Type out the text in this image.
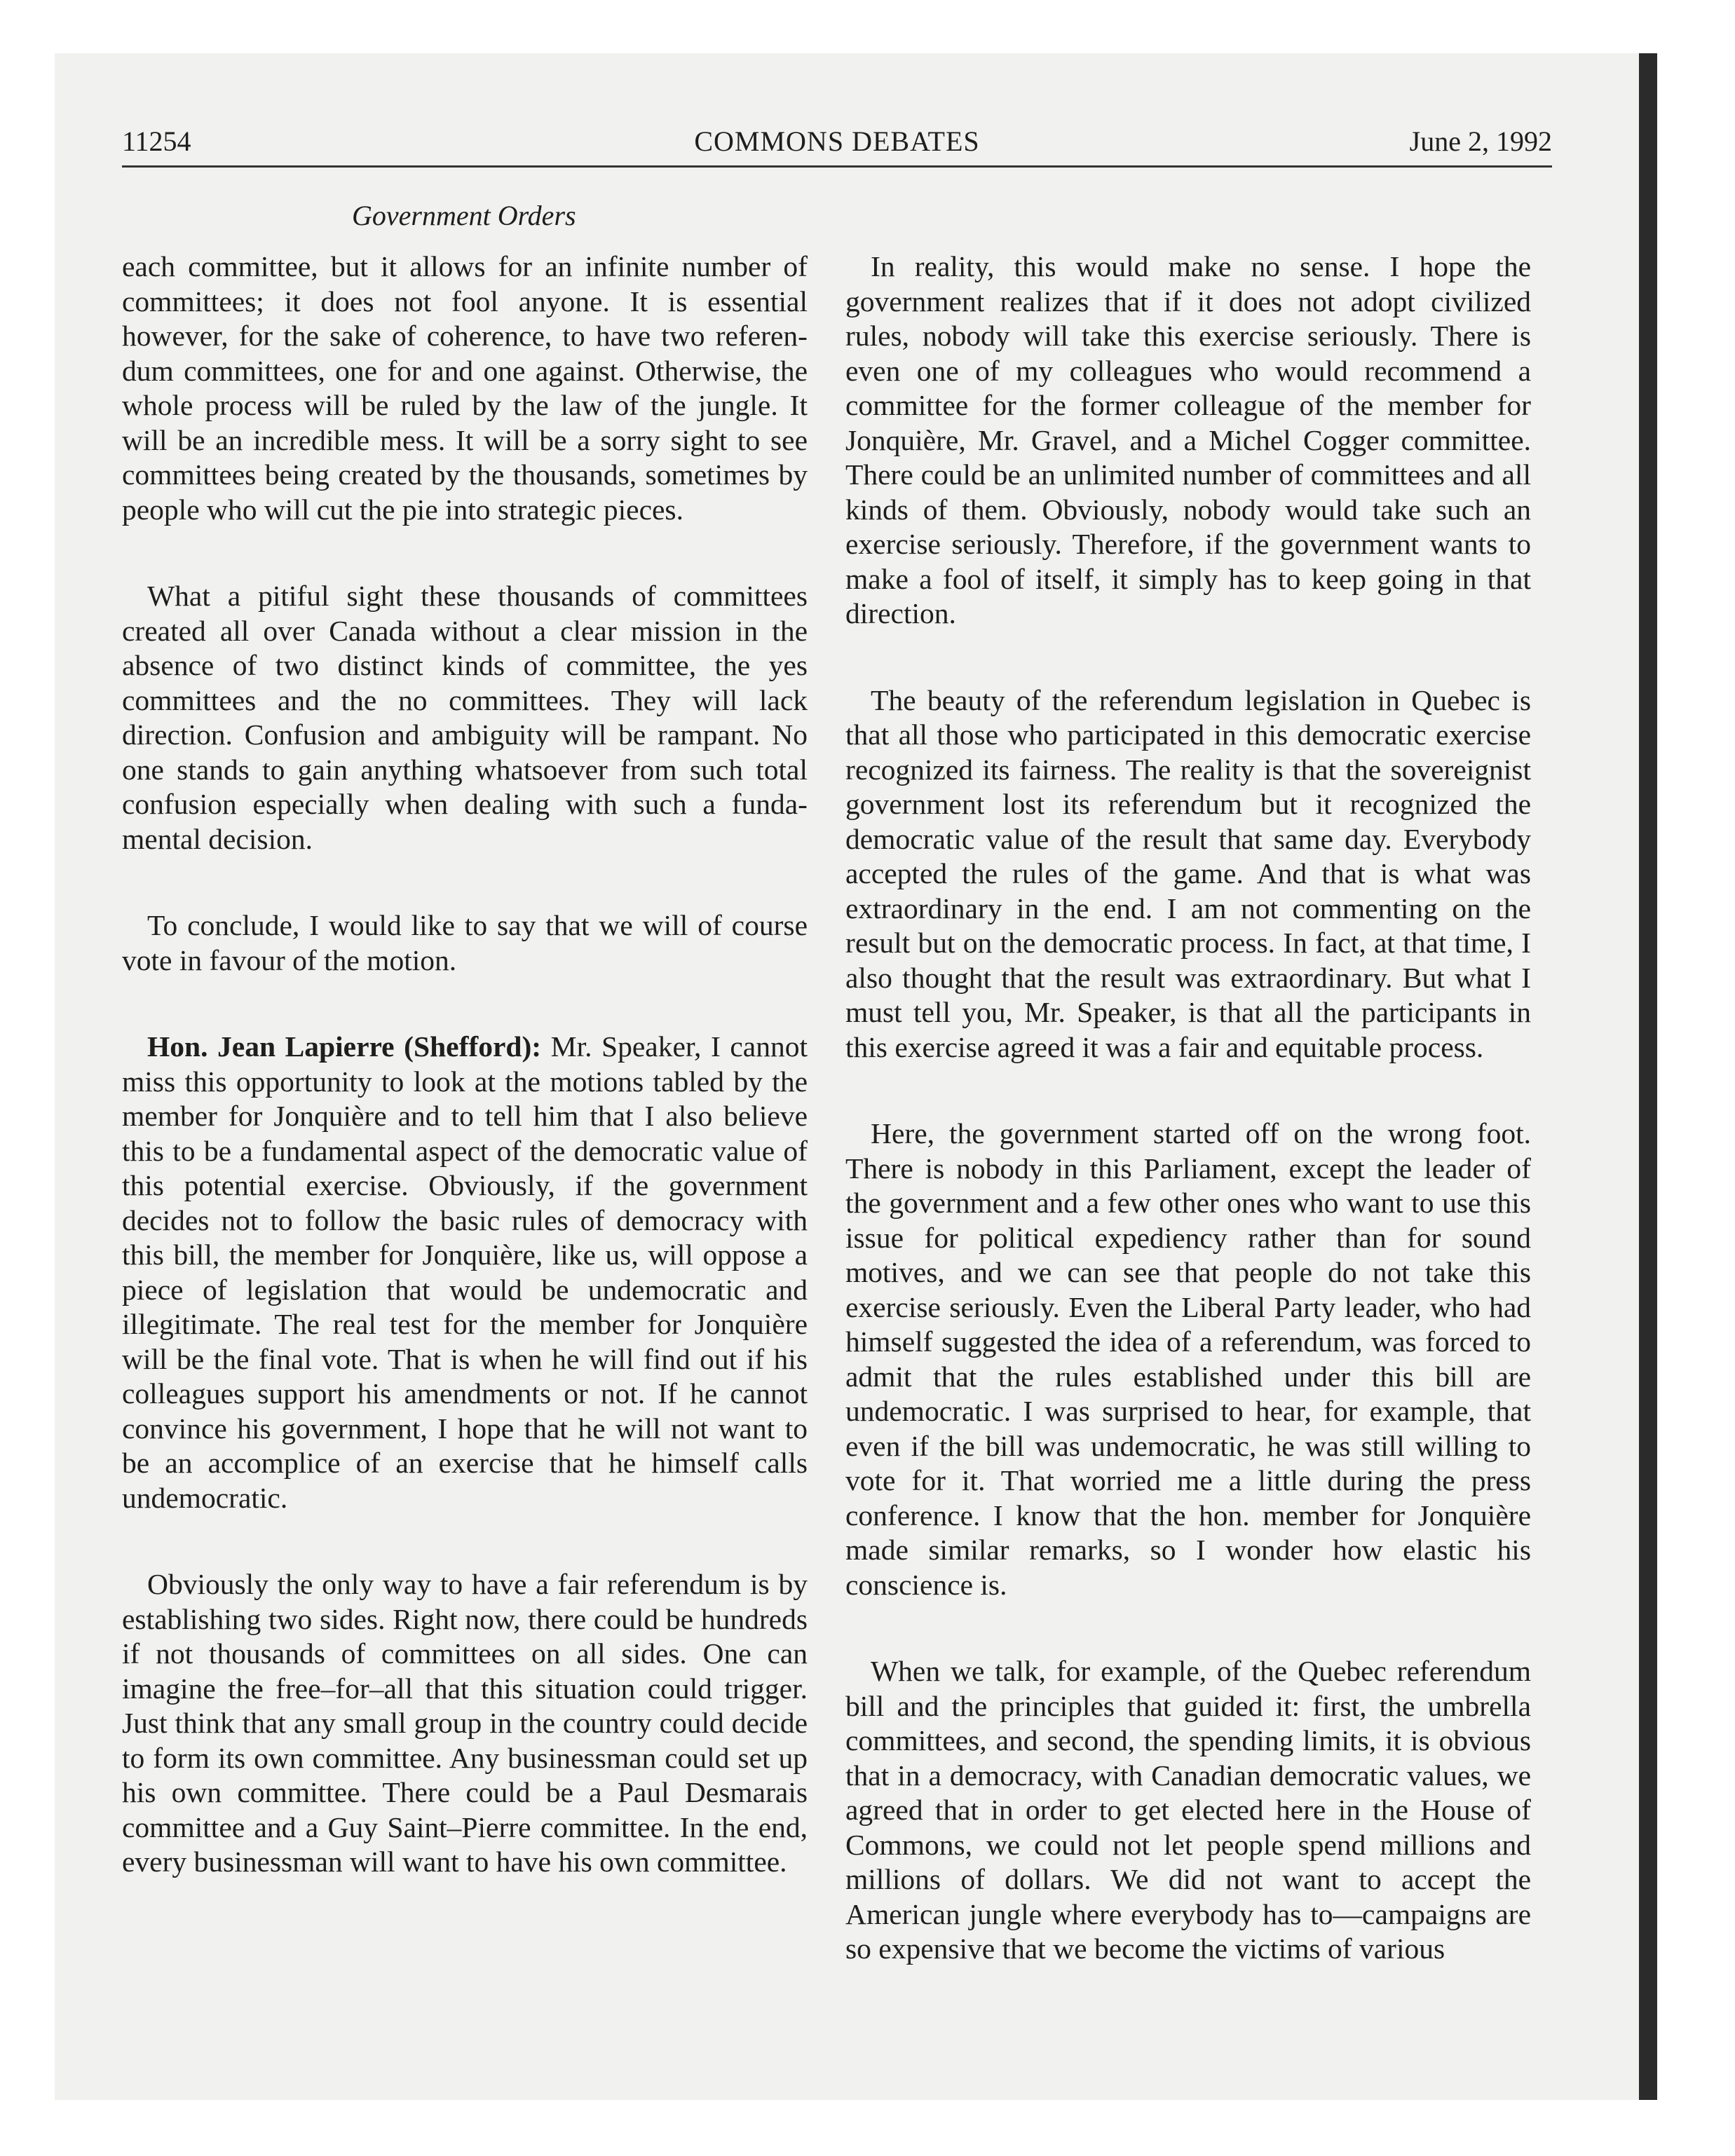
11254	COMMONS DEBATES	June 2, 1992
Government Orders

each committee, but it allows for an infinite number of committees; it does not fool anyone. It is essential however, for the sake of coherence, to have two referendum committees, one for and one against. Otherwise, the whole process will be ruled by the law of the jungle. It will be an incredible mess. It will be a sorry sight to see committees being created by the thousands, sometimes by people who will cut the pie into strategic pieces.

What a pitiful sight these thousands of committees created all over Canada without a clear mission in the absence of two distinct kinds of committee, the yes committees and the no committees. They will lack direction. Confusion and ambiguity will be rampant. No one stands to gain anything whatsoever from such total confusion especially when dealing with such a fundamental decision.

To conclude, I would like to say that we will of course vote in favour of the motion.

Hon. Jean Lapierre (Shefford): Mr. Speaker, I cannot miss this opportunity to look at the motions tabled by the member for Jonquière and to tell him that I also believe this to be a fundamental aspect of the democratic value of this potential exercise. Obviously, if the government decides not to follow the basic rules of democracy with this bill, the member for Jonquière, like us, will oppose a piece of legislation that would be undemocratic and illegitimate. The real test for the member for Jonquière will be the final vote. That is when he will find out if his colleagues support his amendments or not. If he cannot convince his government, I hope that he will not want to be an accomplice of an exercise that he himself calls undemocratic.

Obviously the only way to have a fair referendum is by establishing two sides. Right now, there could be hundreds if not thousands of committees on all sides. One can imagine the free–for–all that this situation could trigger. Just think that any small group in the country could decide to form its own committee. Any businessman could set up his own committee. There could be a Paul Desmarais committee and a Guy Saint–Pierre committee. In the end, every businessman will want to have his own committee.

In reality, this would make no sense. I hope the government realizes that if it does not adopt civilized rules, nobody will take this exercise seriously. There is even one of my colleagues who would recommend a committee for the former colleague of the member for Jonquière, Mr. Gravel, and a Michel Cogger committee. There could be an unlimited number of committees and all kinds of them. Obviously, nobody would take such an exercise seriously. Therefore, if the government wants to make a fool of itself, it simply has to keep going in that direction.

The beauty of the referendum legislation in Quebec is that all those who participated in this democratic exercise recognized its fairness. The reality is that the sovereignist government lost its referendum but it recognized the democratic value of the result that same day. Everybody accepted the rules of the game. And that is what was extraordinary in the end. I am not commenting on the result but on the democratic process. In fact, at that time, I also thought that the result was extraordinary. But what I must tell you, Mr. Speaker, is that all the participants in this exercise agreed it was a fair and equitable process.

Here, the government started off on the wrong foot. There is nobody in this Parliament, except the leader of the government and a few other ones who want to use this issue for political expediency rather than for sound motives, and we can see that people do not take this exercise seriously. Even the Liberal Party leader, who had himself suggested the idea of a referendum, was forced to admit that the rules established under this bill are undemocratic. I was surprised to hear, for example, that even if the bill was undemocratic, he was still willing to vote for it. That worried me a little during the press conference. I know that the hon. member for Jonquière made similar remarks, so I wonder how elastic his conscience is.

When we talk, for example, of the Quebec referendum bill and the principles that guided it: first, the umbrella committees, and second, the spending limits, it is obvious that in a democracy, with Canadian democratic values, we agreed that in order to get elected here in the House of Commons, we could not let people spend millions and millions of dollars. We did not want to accept the American jungle where everybody has to—campaigns are so expensive that we become the victims of various
